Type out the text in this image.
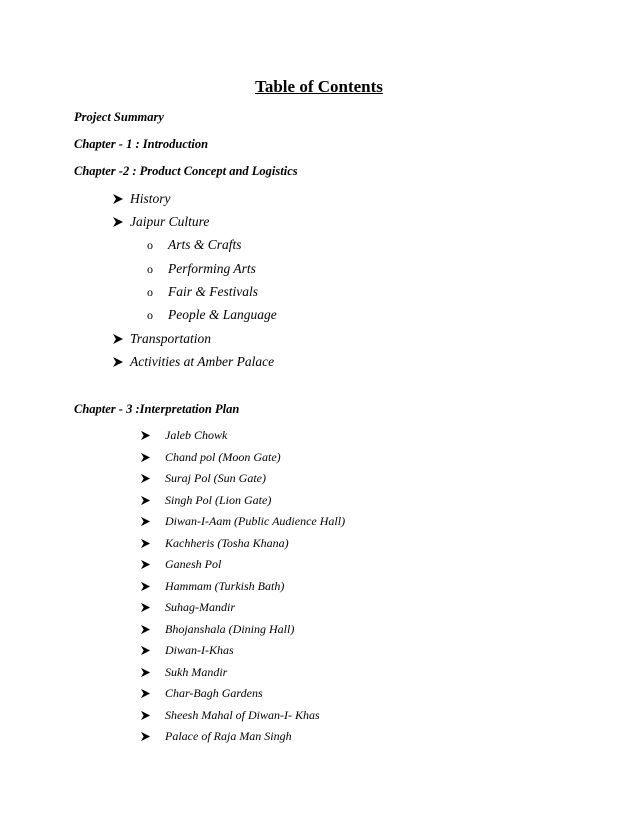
Table of Contents
Project Summary
Chapter - 1 : Introduction
Chapter -2 : Product Concept and Logistics
History
Jaipur Culture
o	Arts & Crafts
o	Performing Arts
o	Fair & Festivals
o	People & Language
Transportation
Activities at Amber Palace
Chapter - 3 :Interpretation Plan
Jaleb Chowk
Chand pol (Moon Gate)
Suraj Pol (Sun Gate)
Singh Pol (Lion Gate)
Diwan-I-Aam (Public Audience Hall)
Kachheris (Tosha Khana)
Ganesh Pol
Hammam (Turkish Bath)
Suhag-Mandir
Bhojanshala (Dining Hall)
Diwan-I-Khas
Sukh Mandir
Char-Bagh Gardens
Sheesh Mahal of Diwan-I- Khas
Palace of Raja Man Singh
